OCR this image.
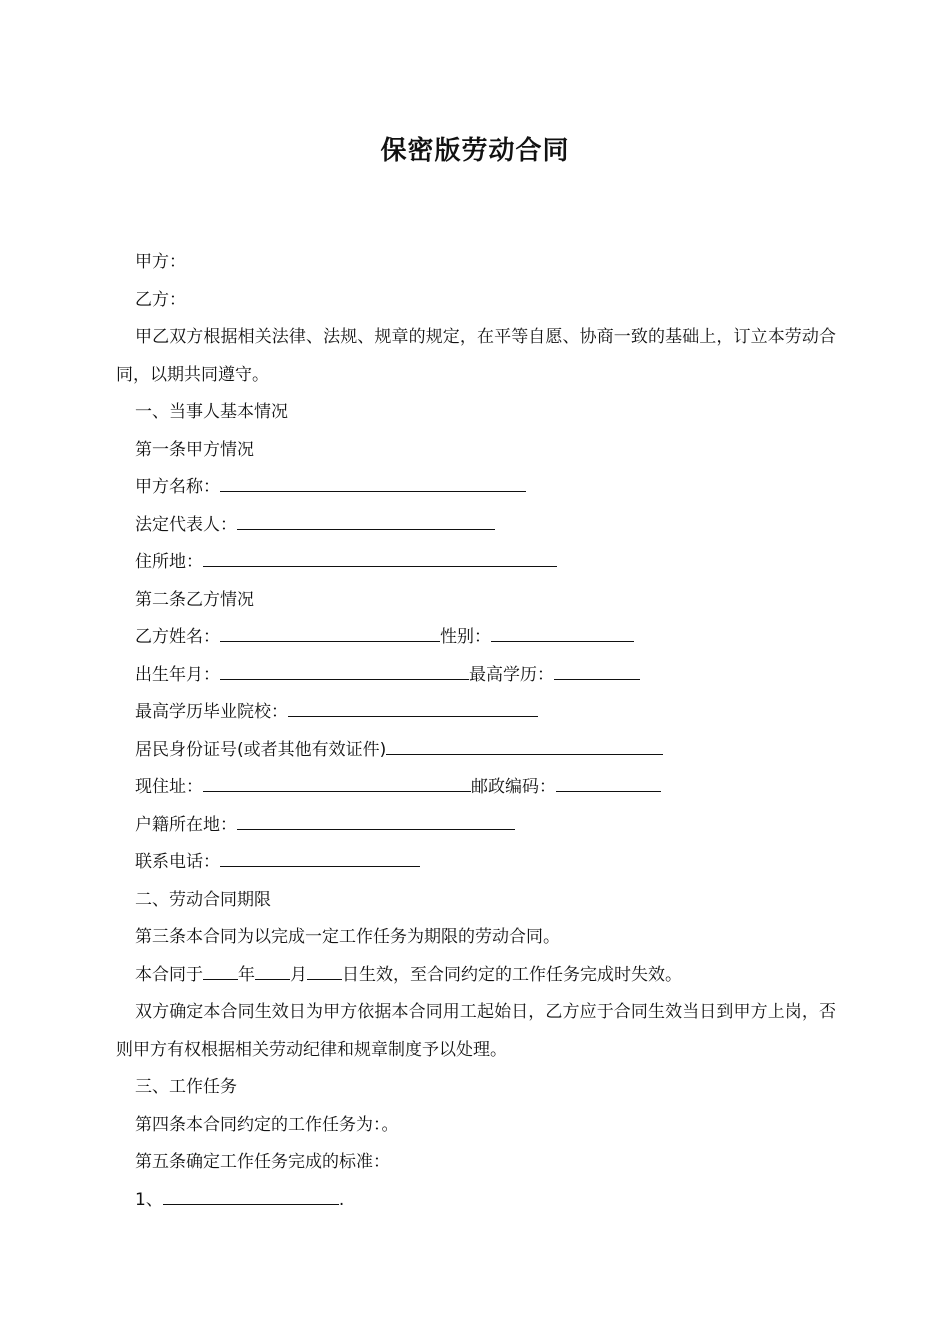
保密版劳动合同
甲方：
乙方：
甲乙双方根据相关法律、法规、规章的规定，在平等自愿、协商一致的基础上，订立本劳动合同，以期共同遵守。
一、当事人基本情况
第一条甲方情况
甲方名称：
法定代表人：
住所地：
第二条乙方情况
乙方姓名：	性别：
出生年月：	最高学历：
最高学历毕业院校：
居民身份证号(或者其他有效证件)
现住址：	邮政编码：
户籍所在地：
联系电话：
二、劳动合同期限
第三条本合同为以完成一定工作任务为期限的劳动合同。
本合同于 年 月 日生效，至合同约定的工作任务完成时失效。
双方确定本合同生效日为甲方依据本合同用工起始日，乙方应于合同生效当日到甲方上岗，否则甲方有权根据相关劳动纪律和规章制度予以处理。
三、工作任务
第四条本合同约定的工作任务为：。
第五条确定工作任务完成的标准：
1、	.
